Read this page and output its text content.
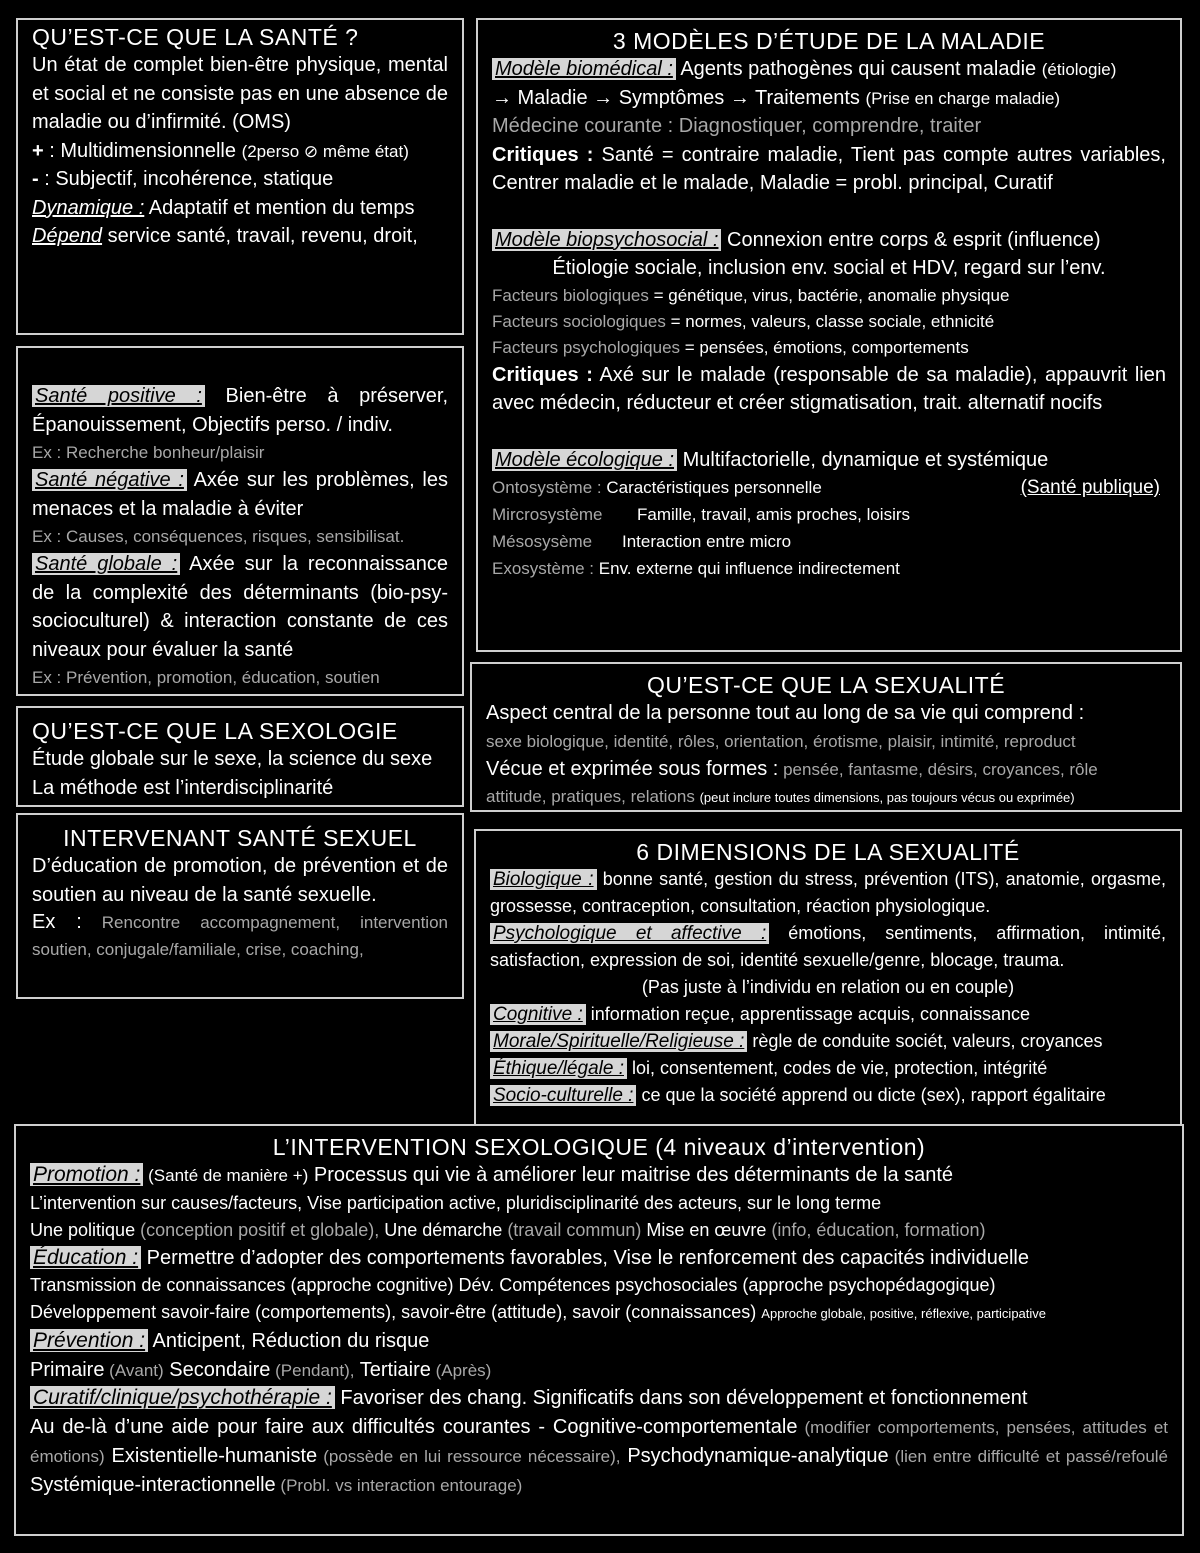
QU’EST-CE QUE LA SANTÉ ?

Un état de complet bien-être physique, mental et social et ne consiste pas en une absence de maladie ou d’infirmité. (OMS)

+ : Multidimensionnelle (2perso ⊘ même état)

- : Subjectif, incohérence, statique

Dynamique : Adaptatif et mention du temps

Dépend service santé, travail, revenu, droit,

Santé positive : Bien-être à préserver, Épanouissement, Objectifs perso. / indiv.

Ex : Recherche bonheur/plaisir

Santé négative : Axée sur les problèmes, les menaces et la maladie à éviter

Ex : Causes, conséquences, risques, sensibilisat.

Santé globale : Axée sur la reconnaissance de la complexité des déterminants (bio-psy-socioculturel) & interaction constante de ces niveaux pour évaluer la santé

Ex : Prévention, promotion, éducation, soutien

QU’EST-CE QUE LA SEXOLOGIE

Étude globale sur le sexe, la science du sexe

La méthode est l’interdisciplinarité

INTERVENANT SANTÉ SEXUEL

D’éducation de promotion, de prévention et de soutien au niveau de la santé sexuelle.

Ex : Rencontre accompagnement, intervention soutien, conjugale/familiale, crise, coaching,

3 MODÈLES D’ÉTUDE DE LA MALADIE

Modèle biomédical : Agents pathogènes qui causent maladie (étiologie)

→ Maladie → Symptômes → Traitements (Prise en charge maladie)

Médecine courante : Diagnostiquer, comprendre, traiter

Critiques : Santé = contraire maladie, Tient pas compte autres variables, Centrer maladie et le malade, Maladie = probl. principal, Curatif

Modèle biopsychosocial : Connexion entre corps & esprit (influence)

Étiologie sociale, inclusion env. social et HDV, regard sur l’env.

Facteurs biologiques = génétique, virus, bactérie, anomalie physique

Facteurs sociologiques = normes, valeurs, classe sociale, ethnicité

Facteurs psychologiques = pensées, émotions, comportements

Critiques : Axé sur le malade (responsable de sa maladie), appauvrit lien avec médecin, réducteur et créer stigmatisation, trait. alternatif nocifs

Modèle écologique : Multifactorielle, dynamique et systémique

Ontosystème : Caractéristiques personnelle	(Santé publique)

Mircrosystème Famille, travail, amis proches, loisirs

Mésosysème Interaction entre micro

Exosystème : Env. externe qui influence indirectement

QU’EST-CE QUE LA SEXUALITÉ

Aspect central de la personne tout au long de sa vie qui comprend :

sexe biologique, identité, rôles, orientation, érotisme, plaisir, intimité, reproduct

Vécue et exprimée sous formes : pensée, fantasme, désirs, croyances, rôle

attitude, pratiques, relations (peut inclure toutes dimensions, pas toujours vécus ou exprimée)

6 DIMENSIONS DE LA SEXUALITÉ

Biologique : bonne santé, gestion du stress, prévention (ITS), anatomie, orgasme, grossesse, contraception, consultation, réaction physiologique.

Psychologique et affective : émotions, sentiments, affirmation, intimité, satisfaction, expression de soi, identité sexuelle/genre, blocage, trauma.

(Pas juste à l’individu en relation ou en couple)

Cognitive : information reçue, apprentissage acquis, connaissance

Morale/Spirituelle/Religieuse : règle de conduite sociét, valeurs, croyances

Éthique/légale : loi, consentement, codes de vie, protection, intégrité

Socio-culturelle : ce que la société apprend ou dicte (sex), rapport égalitaire

L’INTERVENTION SEXOLOGIQUE (4 niveaux d’intervention)

Promotion : (Santé de manière +) Processus qui vie à améliorer leur maitrise des déterminants de la santé

L’intervention sur causes/facteurs, Vise participation active, pluridisciplinarité des acteurs, sur le long terme

Une politique (conception positif et globale), Une démarche (travail commun) Mise en œuvre (info, éducation, formation)

Éducation : Permettre d’adopter des comportements favorables, Vise le renforcement des capacités individuelle

Transmission de connaissances (approche cognitive) Dév. Compétences psychosociales (approche psychopédagogique)

Développement savoir-faire (comportements), savoir-être (attitude), savoir (connaissances) Approche globale, positive, réflexive, participative

Prévention : Anticipent, Réduction du risque

Primaire (Avant) Secondaire (Pendant), Tertiaire (Après)

Curatif/clinique/psychothérapie : Favoriser des chang. Significatifs dans son développement et fonctionnement

Au de-là d’une aide pour faire aux difficultés courantes - Cognitive-comportementale (modifier comportements, pensées, attitudes et émotions) Existentielle-humaniste (possède en lui ressource nécessaire), Psychodynamique-analytique (lien entre difficulté et passé/refoulé Systémique-interactionnelle (Probl. vs interaction entourage)
